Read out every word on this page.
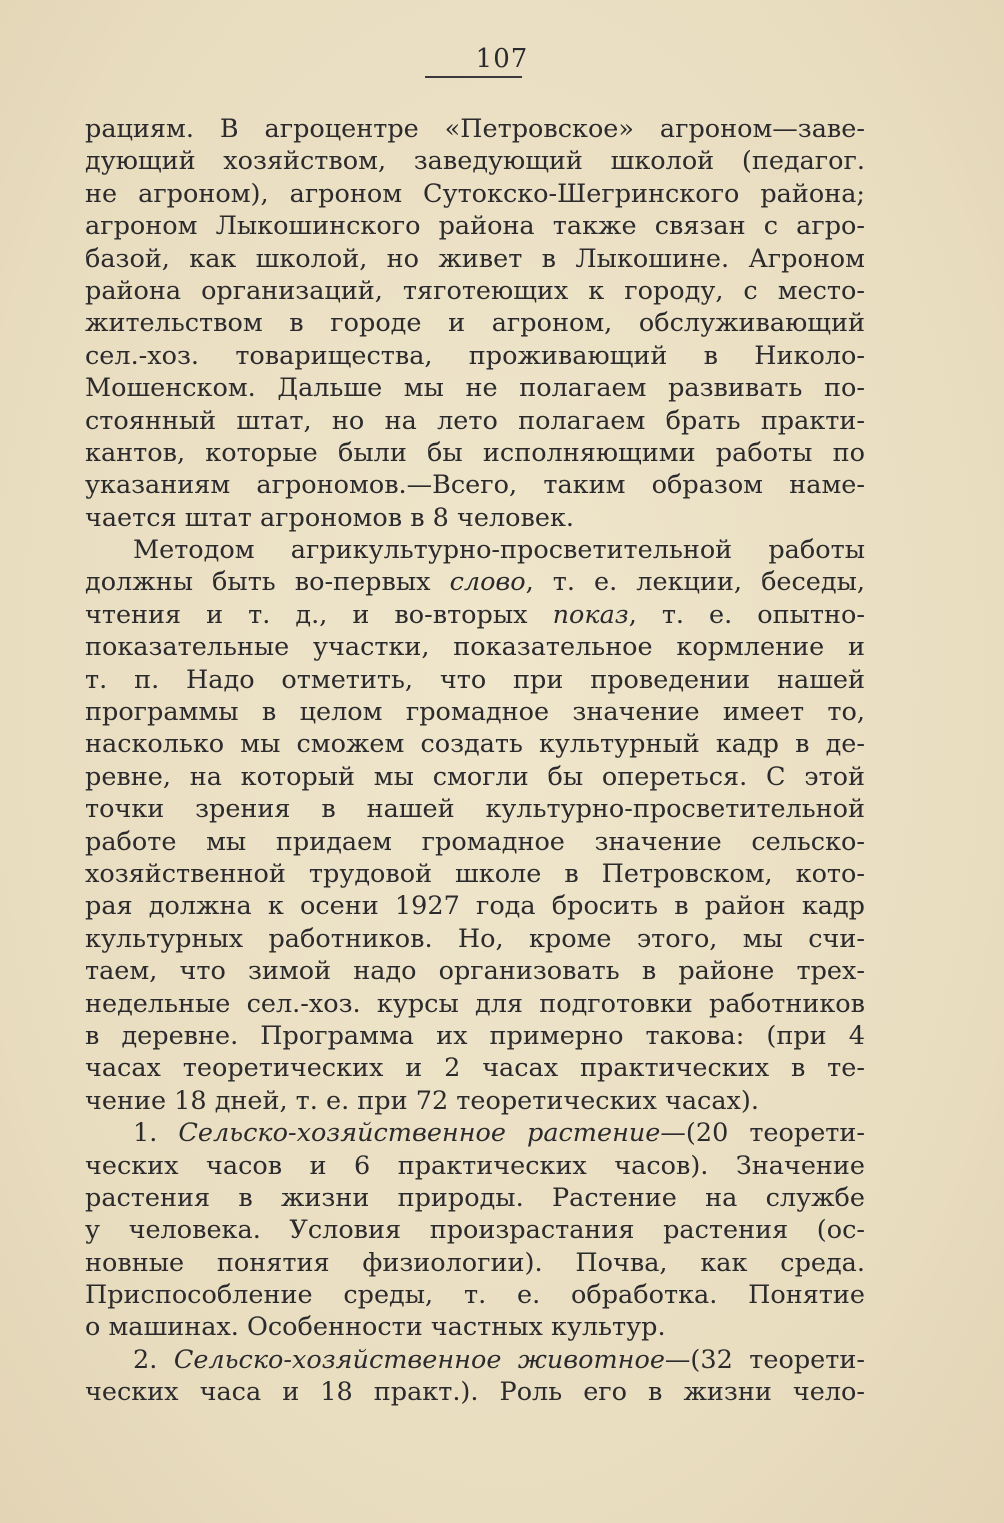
107
рациям. В агроцентре «Петровское» агроном—заве-
дующий хозяйством, заведующий школой (педагог.
не агроном), агроном Сутокско-Шегринского района;
агроном Лыкошинского района также связан с агро-
базой, как школой, но живет в Лыкошине. Агроном
района организаций, тяготеющих к городу, с место-
жительством в городе и агроном, обслуживающий
сел.-хоз. товарищества, проживающий в Николо-
Мошенском. Дальше мы не полагаем развивать по-
стоянный штат, но на лето полагаем брать практи-
кантов, которые были бы исполняющими работы по
указаниям агрономов.—Всего, таким образом наме-
чается штат агрономов в 8 человек.
Методом агрикультурно-просветительной работы
должны быть во-первых слово, т. е. лекции, беседы,
чтения и т. д., и во-вторых показ, т. е. опытно-
показательные участки, показательное кормление и
т. п. Надо отметить, что при проведении нашей
программы в целом громадное значение имеет то,
насколько мы сможем создать культурный кадр в де-
ревне, на который мы смогли бы опереться. С этой
точки зрения в нашей культурно-просветительной
работе мы придаем громадное значение сельско-
хозяйственной трудовой школе в Петровском, кото-
рая должна к осени 1927 года бросить в район кадр
культурных работников. Но, кроме этого, мы счи-
таем, что зимой надо организовать в районе трех-
недельные сел.-хоз. курсы для подготовки работников
в деревне. Программа их примерно такова: (при 4
часах теоретических и 2 часах практических в те-
чение 18 дней, т. е. при 72 теоретических часах).
1. Сельско-хозяйственное растение—(20 теорети-
ческих часов и 6 практических часов). Значение
растения в жизни природы. Растение на службе
у человека. Условия произрастания растения (ос-
новные понятия физиологии). Почва, как среда.
Приспособление среды, т. е. обработка. Понятие
о машинах. Особенности частных культур.
2. Сельско-хозяйственное животное—(32 теорети-
ческих часа и 18 практ.). Роль его в жизни чело-
